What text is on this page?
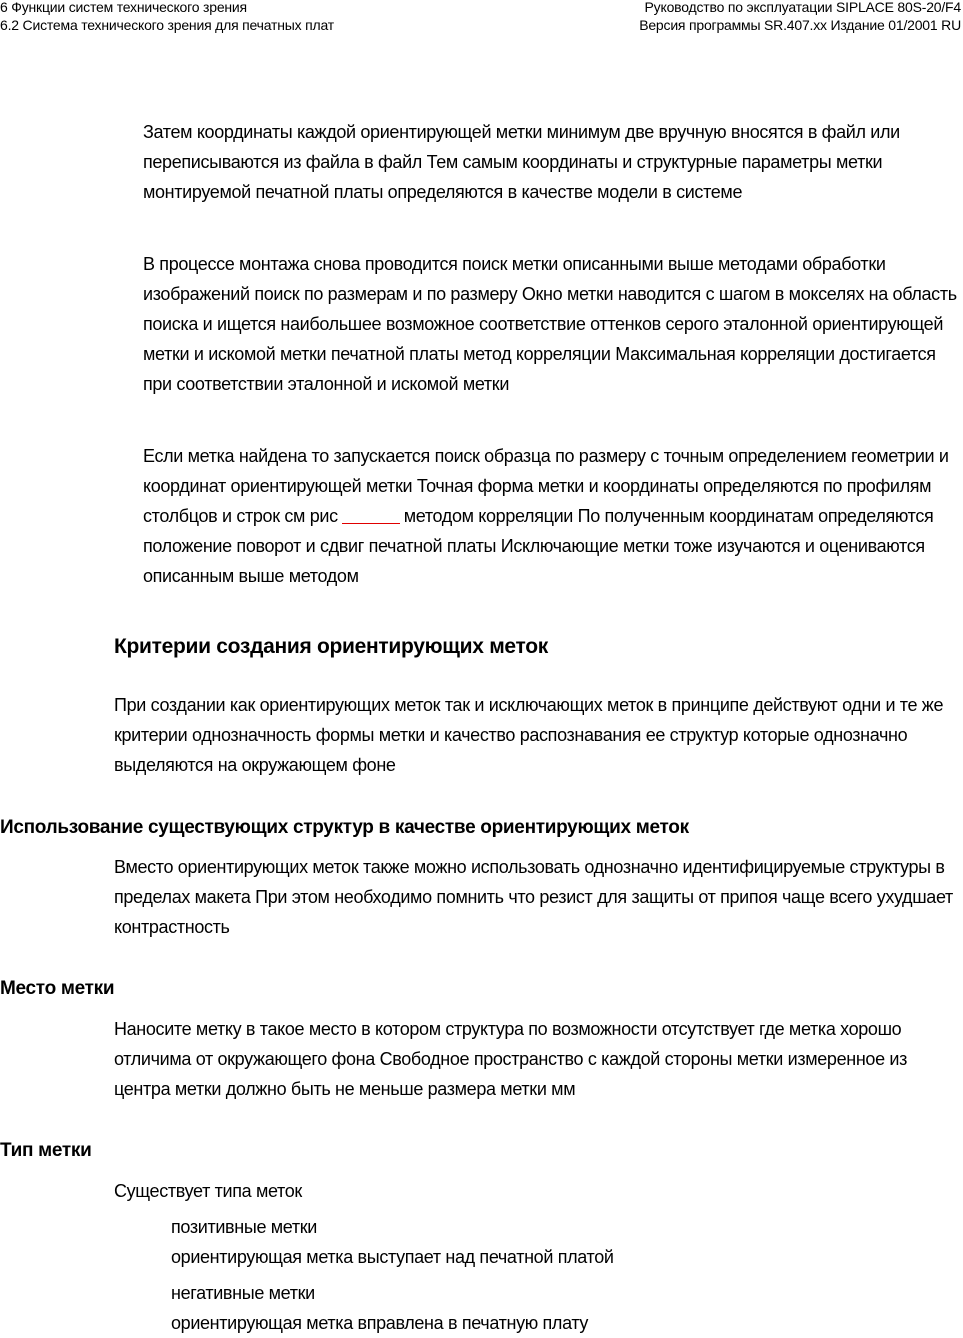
6 Функции систем технического зрения
6.2 Система технического зрения для печатных плат
Руководство по эксплуатации SIPLACE 80S-20/F4
Версия программы SR.407.xx Издание 01/2001 RU

Затем координаты каждой ориентирующей метки минимум две вручную вносятся в файл или переписываются из файла в файл Тем самым координаты и структурные параметры метки монтируемой печатной платы определяются в качестве модели в системе

В процессе монтажа снова проводится поиск метки описанными выше методами обработки изображений поиск по размерам и по размеру Окно метки наводится с шагом в мокселях на область поиска и ищется наибольшее возможное соответствие оттенков серого эталонной ориентирующей метки и искомой метки печатной платы метод корреляции Максимальная корреляции достигается при соответствии эталонной и искомой метки

Если метка найдена то запускается поиск образца по размеру с точным определением геометрии и координат ориентирующей метки Точная форма метки и координаты определяются по профилям столбцов и строк см рис	методом корреляции По полученным координатам определяются положение поворот и сдвиг печатной платы Исключающие метки тоже изучаются и оцениваются описанным выше методом

Критерии создания ориентирующих меток

При создании как ориентирующих меток так и исключающих меток в принципе действуют одни и те же критерии однозначность формы метки и качество распознавания ее структур которые однозначно выделяются на окружающем фоне

Использование существующих структур в качестве ориентирующих меток

Вместо ориентирующих меток также можно использовать однозначно идентифицируемые структуры в пределах макета При этом необходимо помнить что резист для защиты от припоя чаще всего ухудшает контрастность

Место метки

Наносите метку в такое место в котором структура по возможности отсутствует где метка хорошо отличима от окружающего фона Свободное пространство с каждой стороны метки измеренное из центра метки должно быть не меньше размера метки мм

Тип метки
Существует типа меток
позитивные метки
ориентирующая метка выступает над печатной платой
негативные метки
ориентирующая метка вправлена в печатную плату
